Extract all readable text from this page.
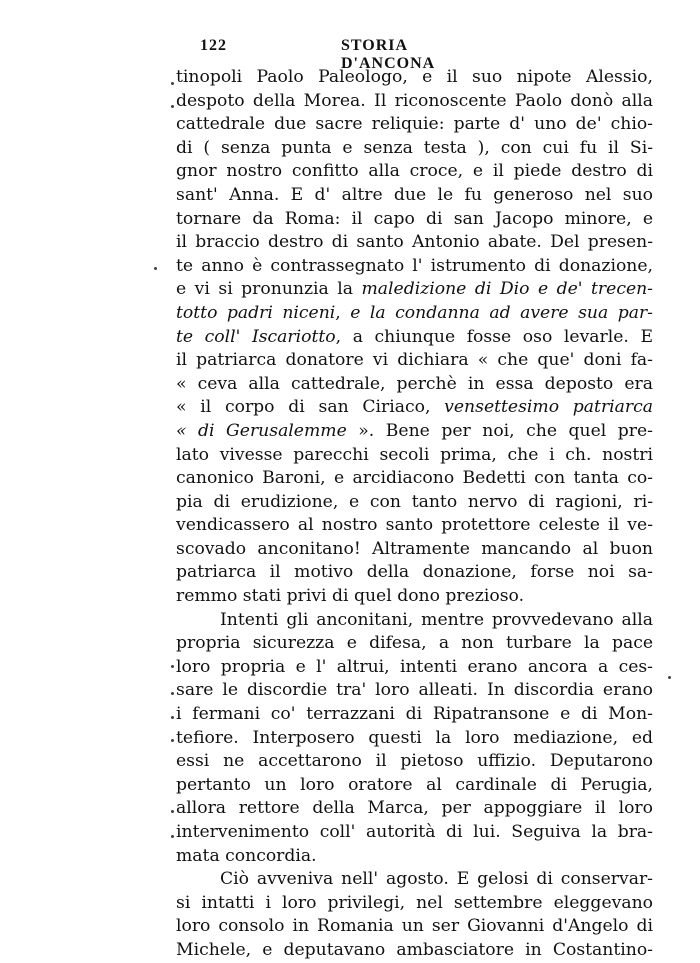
122	STORIA D'ANCONA
tinopoli Paolo Paleologo, e il suo nipote Alessio,
despoto della Morea. Il riconoscente Paolo donò alla
cattedrale due sacre reliquie: parte d' uno de' chio-
di ( senza punta e senza testa ), con cui fu il Si-
gnor nostro confitto alla croce, e il piede destro di
sant' Anna. E d' altre due le fu generoso nel suo
tornare da Roma: il capo di san Jacopo minore, e
il braccio destro di santo Antonio abate. Del presen-
te anno è contrassegnato l' istrumento di donazione,
e vi si pronunzia la maledizione di Dio e de' trecen-
totto padri niceni, e la condanna ad avere sua par-
te coll' Iscariotto, a chiunque fosse oso levarle. E
il patriarca donatore vi dichiara « che que' doni fa-
« ceva alla cattedrale, perchè in essa deposto era
« il corpo di san Ciriaco, vensettesimo patriarca
« di Gerusalemme ». Bene per noi, che quel pre-
lato vivesse parecchi secoli prima, che i ch. nostri
canonico Baroni, e arcidiacono Bedetti con tanta co-
pia di erudizione, e con tanto nervo di ragioni, ri-
vendicassero al nostro santo protettore celeste il ve-
scovado anconitano! Altramente mancando al buon
patriarca il motivo della donazione, forse noi sa-
remmo stati privi di quel dono prezioso.
Intenti gli anconitani, mentre provvedevano alla
propria sicurezza e difesa, a non turbare la pace
loro propria e l' altrui, intenti erano ancora a ces-
sare le discordie tra' loro alleati. In discordia erano
i fermani co' terrazzani di Ripatransone e di Mon-
tefiore. Interposero questi la loro mediazione, ed
essi ne accettarono il pietoso uffizio. Deputarono
pertanto un loro oratore al cardinale di Perugia,
allora rettore della Marca, per appoggiare il loro
intervenimento coll' autorità di lui. Seguiva la bra-
mata concordia.
Ciò avveniva nell' agosto. E gelosi di conservar-
si intatti i loro privilegi, nel settembre eleggevano
loro consolo in Romania un ser Giovanni d'Angelo di
Michele, e deputavano ambasciatore in Costantino-
